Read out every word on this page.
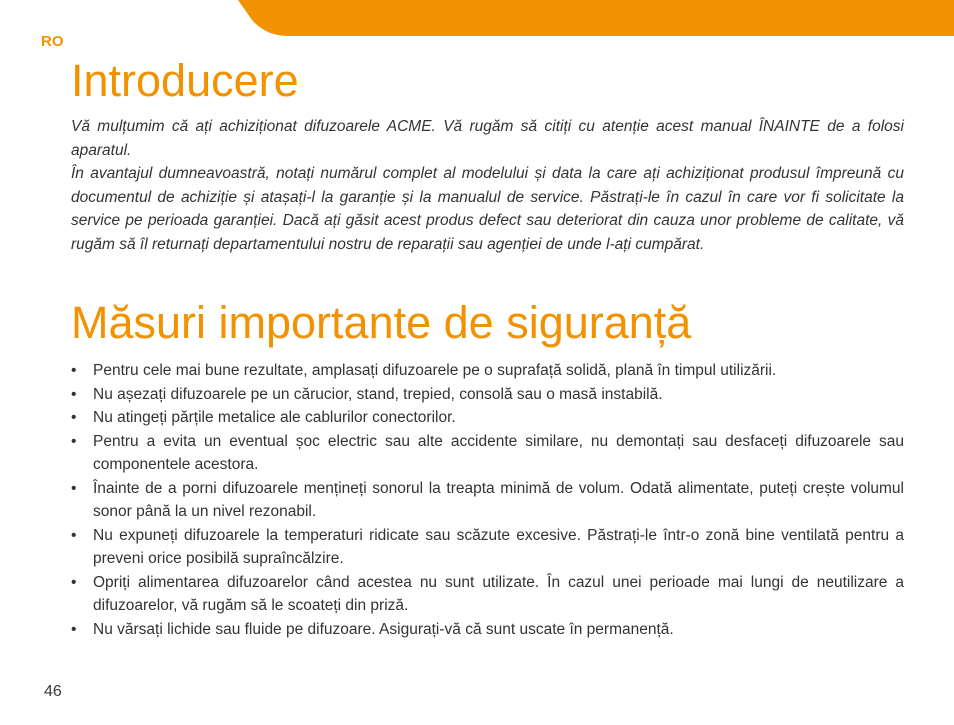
RO
Introducere

Vă mulțumim că ați achiziționat difuzoarele ACME. Vă rugăm să citiți cu atenție acest manual ÎNAINTE de a folosi aparatul.

În avantajul dumneavoastră, notați numărul complet al modelului și data la care ați achiziționat produsul împreună cu documentul de achiziție și atașați-l la garanție și la manualul de service. Păstrați-le în cazul în care vor fi solicitate la service pe perioada garanției. Dacă ați găsit acest produs defect sau deteriorat din cauza unor probleme de calitate, vă rugăm să îl returnați departamentului nostru de reparații sau agenției de unde l-ați cumpărat.

Măsuri importante de siguranță
• Pentru cele mai bune rezultate, amplasați difuzoarele pe o suprafață solidă, plană în timpul utilizării.
• Nu așezați difuzoarele pe un cărucior, stand, trepied, consolă sau o masă instabilă.
• Nu atingeți părțile metalice ale cablurilor conectorilor.
• Pentru a evita un eventual șoc electric sau alte accidente similare, nu demontați sau desfaceți difuzoarele sau componentele acestora.
• Înainte de a porni difuzoarele mențineți sonorul la treapta minimă de volum. Odată alimentate, puteți crește volumul sonor până la un nivel rezonabil.
• Nu expuneți difuzoarele la temperaturi ridicate sau scăzute excesive. Păstrați-le într-o zonă bine ventilată pentru a preveni orice posibilă supraîncălzire.
• Opriți alimentarea difuzoarelor când acestea nu sunt utilizate. În cazul unei perioade mai lungi de neutilizare a difuzoarelor, vă rugăm să le scoateți din priză.
• Nu vărsați lichide sau fluide pe difuzoare. Asigurați-vă că sunt uscate în permanență.
46
